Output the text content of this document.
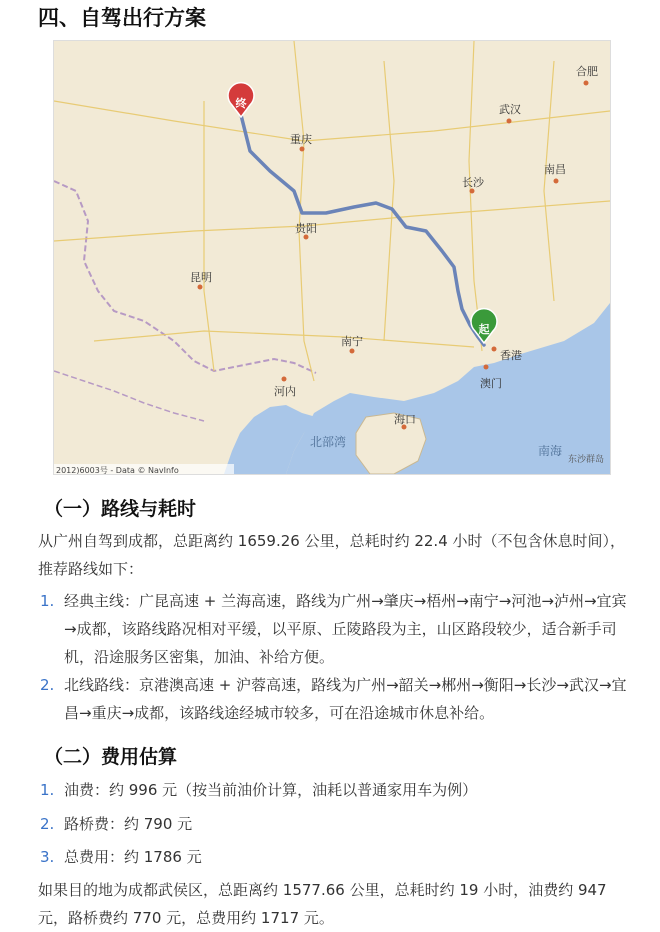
四、自驾出行方案
合肥
武汉
重庆
南昌
长沙
贵阳
昆明
南宁
香港
澳门
河内
海口
北部湾
南海
终
起
2012)6003号 - Data © NavInfo
东沙群岛
（一）路线与耗时
从广州自驾到成都，总距离约 1659.26 公里，总耗时约 22.4 小时（不包含休息时间），推荐路线如下：
1. 经典主线：广昆高速 + 兰海高速，路线为广州→肇庆→梧州→南宁→河池→泸州→宜宾→成都，该路线路况相对平缓，以平原、丘陵路段为主，山区路段较少，适合新手司机，沿途服务区密集，加油、补给方便。
2. 北线路线：京港澳高速 + 沪蓉高速，路线为广州→韶关→郴州→衡阳→长沙→武汉→宜昌→重庆→成都，该路线途经城市较多，可在沿途城市休息补给。
（二）费用估算
1. 油费：约 996 元（按当前油价计算，油耗以普通家用车为例）
2. 路桥费：约 790 元
3. 总费用：约 1786 元
如果目的地为成都武侯区，总距离约 1577.66 公里，总耗时约 19 小时，油费约 947 元，路桥费约 770 元，总费用约 1717 元。
